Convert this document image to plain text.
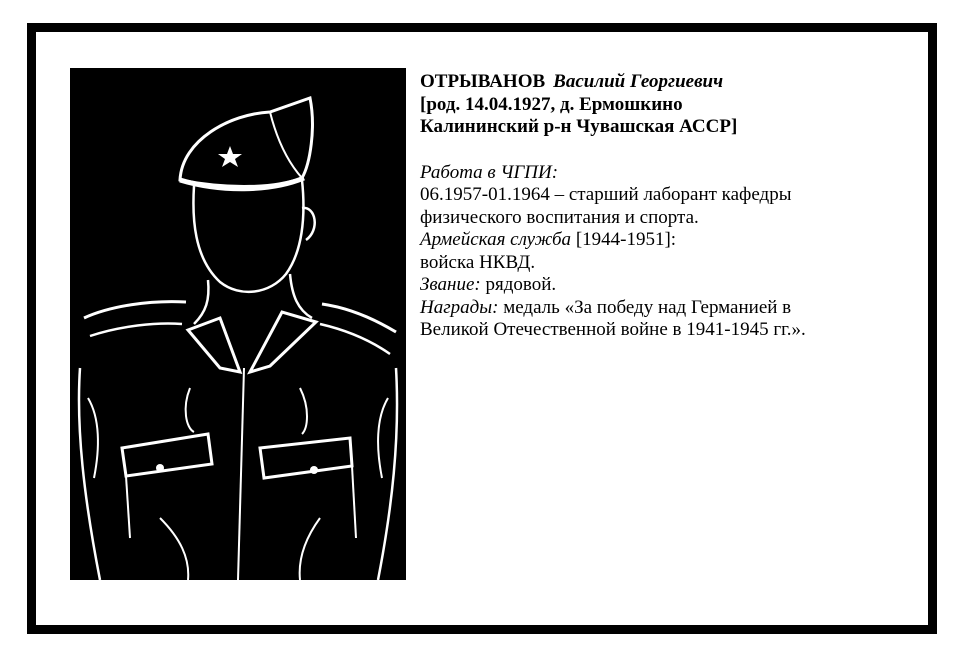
ОТРЫВАНОВ Василий Георгиевич

[род. 14.04.1927, д. Ермошкино

Калининский р-н Чувашская АССР]

Работа в ЧГПИ:

06.1957-01.1964 – старший лаборант кафедры

физического воспитания и спорта.

Армейская служба [1944-1951]:

войска НКВД.

Звание: рядовой.

Награды: медаль «За победу над Германией в

Великой Отечественной войне в 1941-1945 гг.».
